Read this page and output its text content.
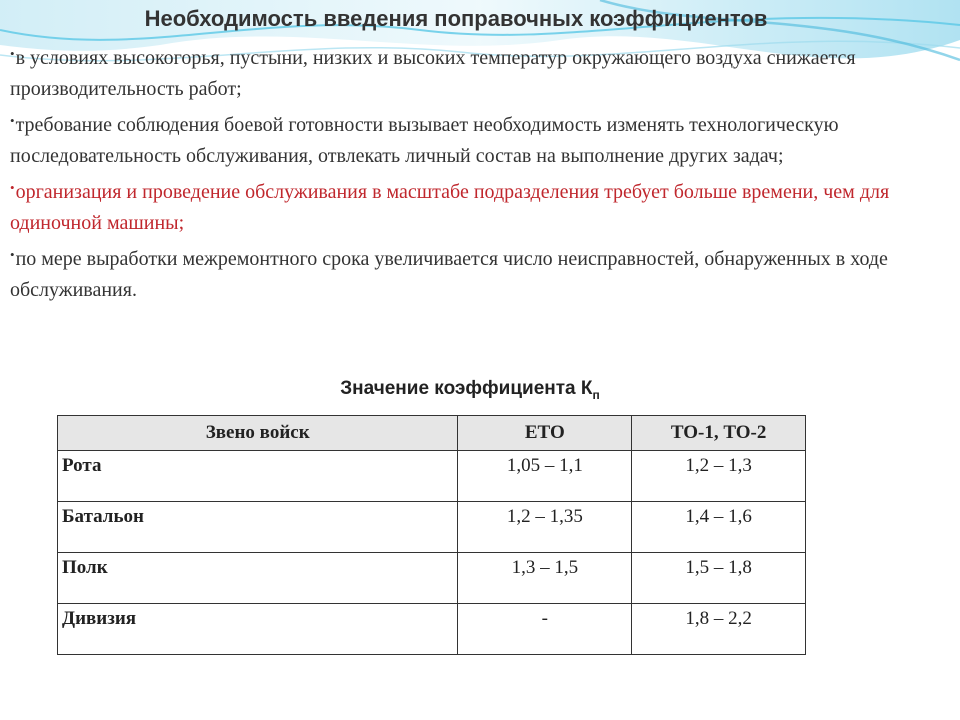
Необходимость введения поправочных коэффициентов
•в условиях высокогорья, пустыни, низких и высоких температур окружающего воздуха снижается производительность работ;
•требование соблюдения боевой готовности вызывает необходимость изменять технологическую последовательность обслуживания, отвлекать личный состав на выполнение других задач;
•организация и проведение обслуживания в масштабе подразделения требует больше времени, чем для одиночной машины;
•по мере выработки межремонтного срока увеличивается число неисправностей, обнаруженных в ходе обслуживания.
Значение коэффициента $К_п$
Звено войск	ЕТО	ТО-1, ТО-2
Рота	1,05 – 1,1	1,2 – 1,3
Батальон	1,2 – 1,35	1,4 – 1,6
Полк	1,3 – 1,5	1,5 – 1,8
Дивизия	-	1,8 – 2,2
